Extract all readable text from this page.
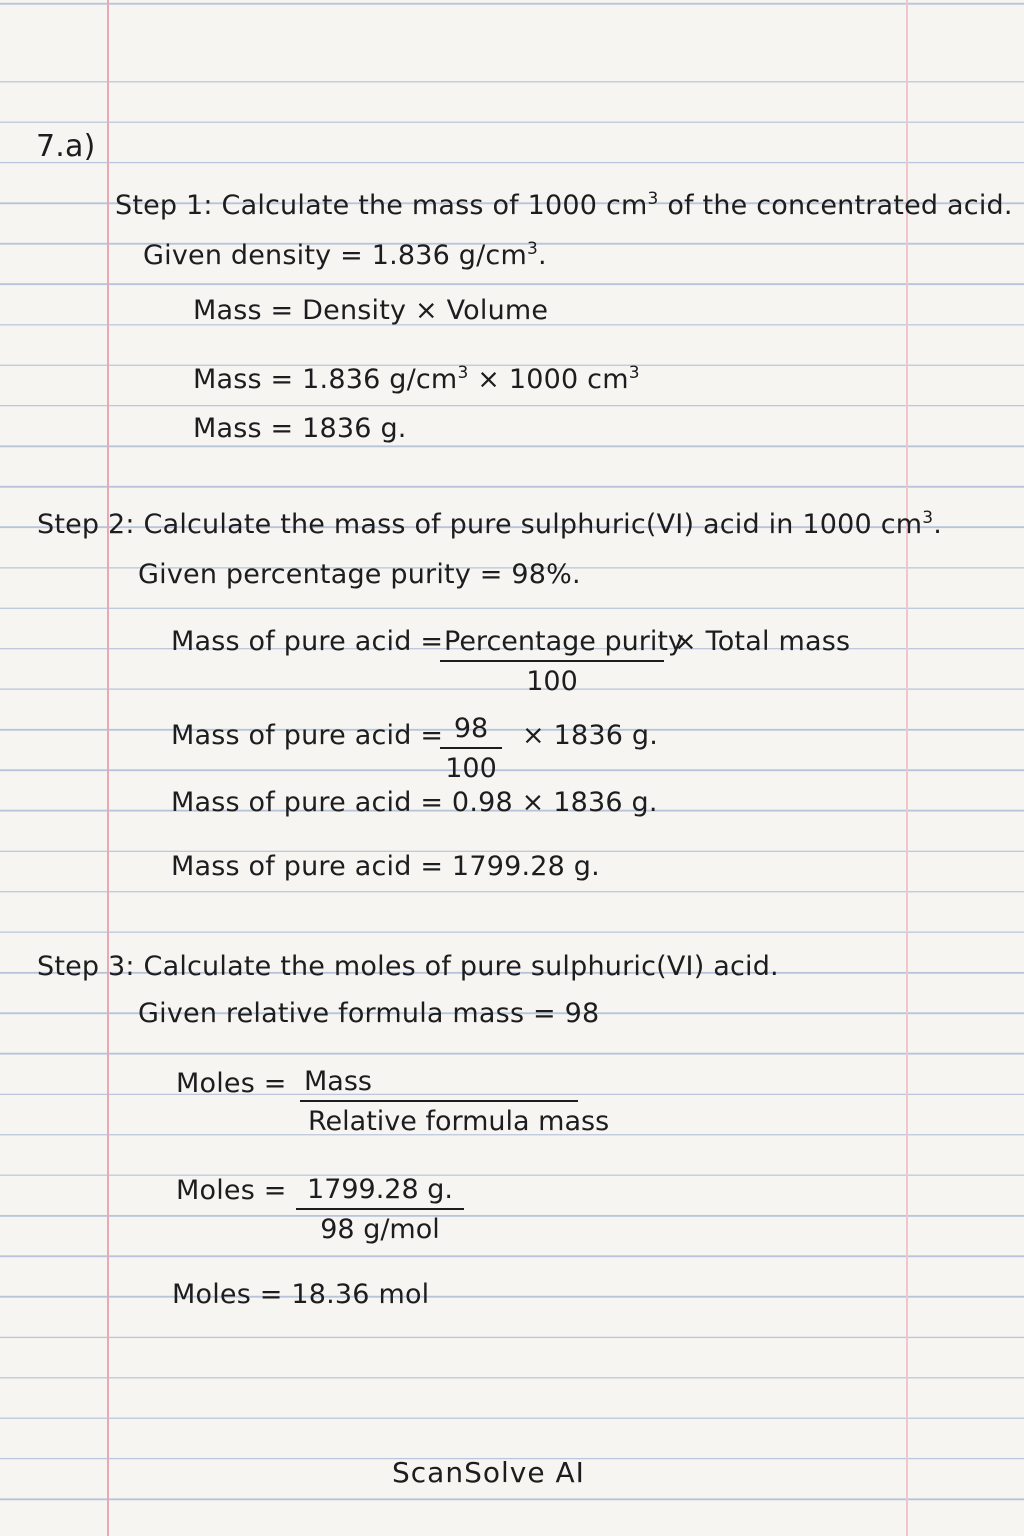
7.a)
Step 1: Calculate the mass of 1000 $cm^3$ of the concentrated acid.
Given density = 1.836 $g/cm^3$.
Mass = Density × Volume
Mass = 1.836 $g/cm^3 \times 1000$ $cm^3$
Mass = 1836 g.
Step 2: Calculate the mass of pure sulphuric(VI) acid in 1000 $cm^3$.
Given percentage purity = 98%.
Mass of pure acid = Percentage purity
100
× Total mass
Mass of pure acid =
$\frac{98}{100} \times 1836$ g.
Mass of pure acid = 0.98 × 1836 g.
Mass of pure acid = 1799.28 g.
Step 3: Calculate the moles of pure sulphuric(VI) acid.
Given relative formula mass = 98
Moles = Mass
Relative formula mass
Moles = 1799.28 g.
98 g/mol
Moles = 18.36 mol
ScanSolve AI
